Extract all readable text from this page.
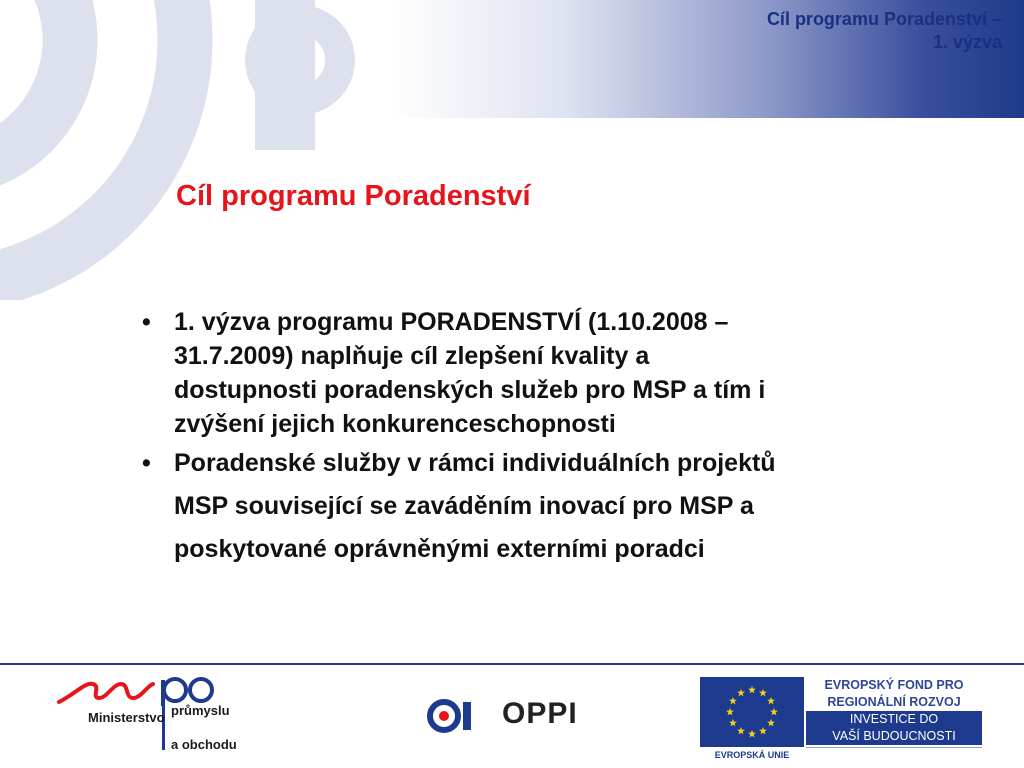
Cíl programu Poradenství –
1. výzva
Cíl programu Poradenství
• 1. výzva programu PORADENSTVÍ (1.10.2008 –
31.7.2009) naplňuje cíl zlepšení kvality a
dostupnosti poradenských služeb pro MSP a tím i
zvýšení jejich konkurenceschopnosti
• Poradenské služby v rámci individuálních projektů
MSP související se zaváděním inovací pro MSP a
poskytované oprávněnými externími poradci
Ministerstvo průmyslu
a obchodu
OPPI
EVROPSKÁ UNIE
EVROPSKÝ FOND PRO
REGIONÁLNÍ ROZVOJ
INVESTICE DO
VAŠÍ BUDOUCNOSTI
